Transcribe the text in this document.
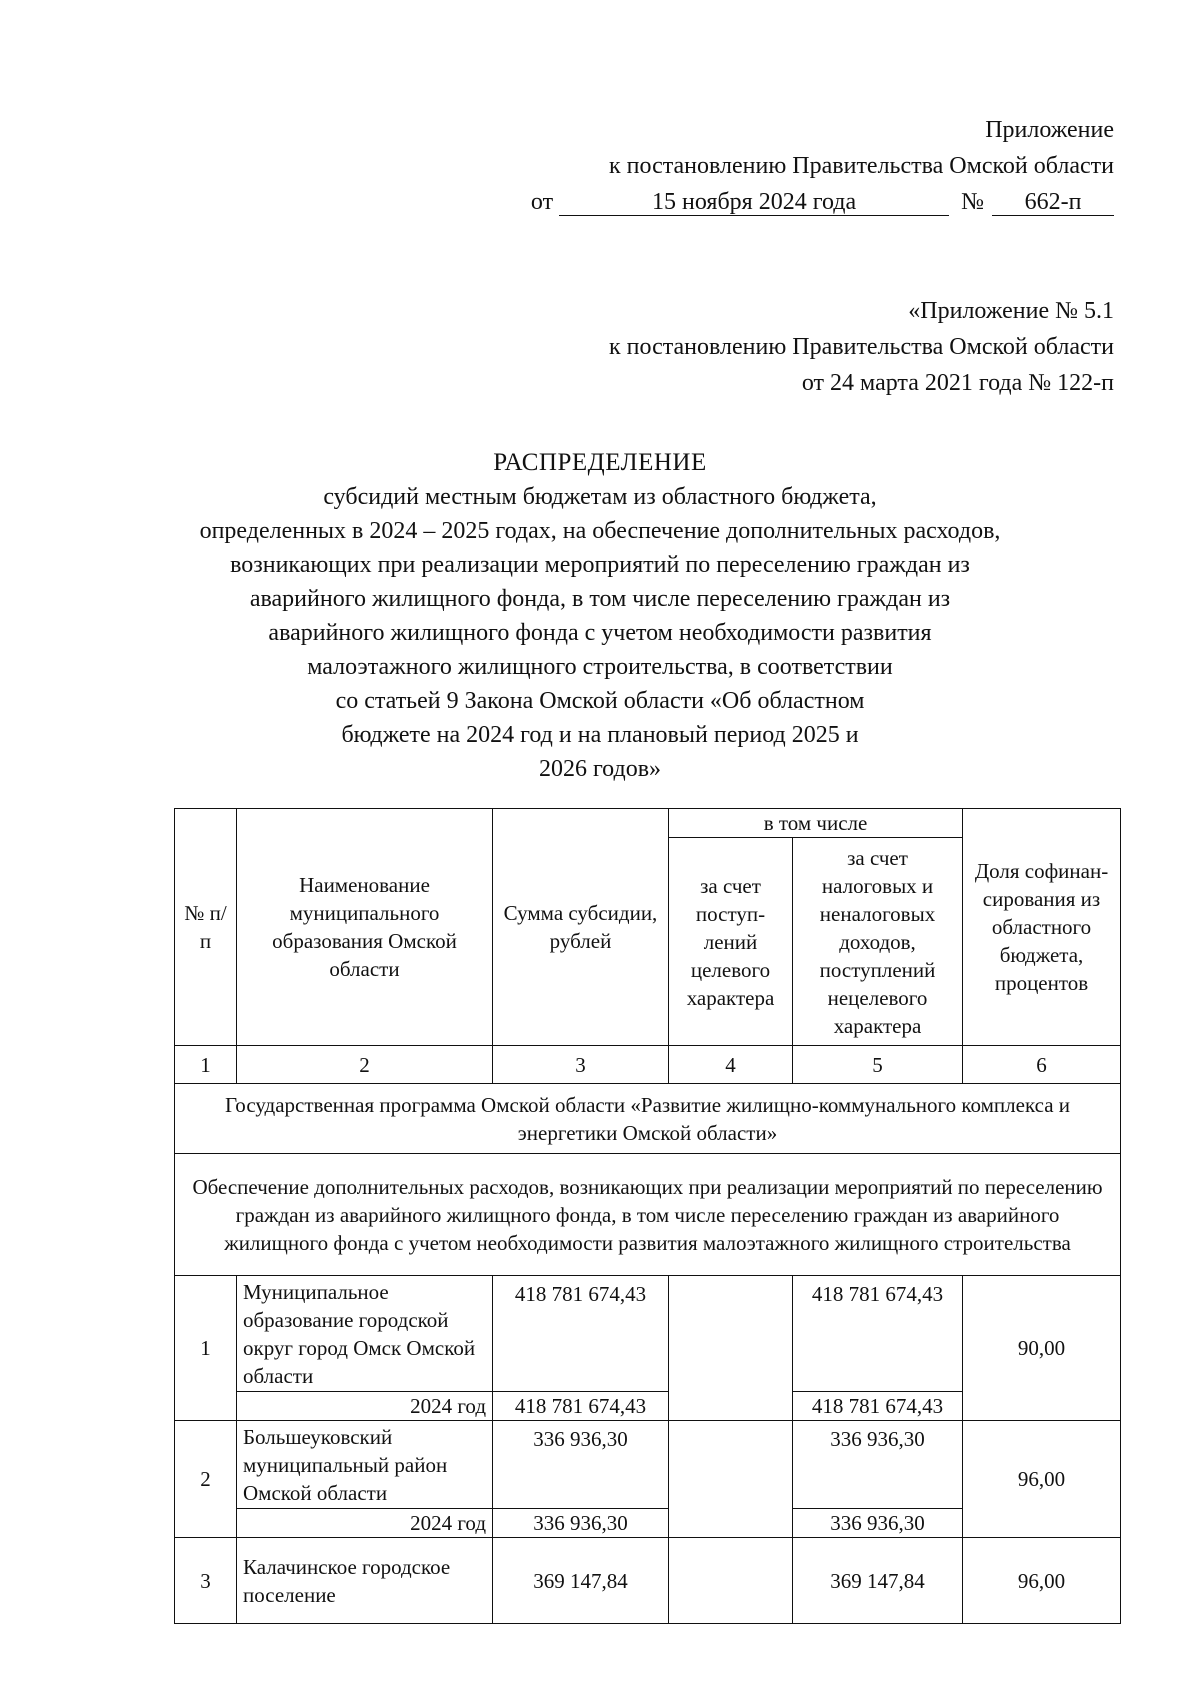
Приложение
к постановлению Правительства Омской области
от	15 ноября 2024 года	№ 662-п
«Приложение № 5.1
к постановлению Правительства Омской области
от 24 марта 2021 года № 122-п
РАСПРЕДЕЛЕНИЕ
субсидий местным бюджетам из областного бюджета,
определенных в 2024 – 2025 годах, на обеспечение дополнительных расходов,
возникающих при реализации мероприятий по переселению граждан из
аварийного жилищного фонда, в том числе переселению граждан из
аварийного жилищного фонда с учетом необходимости развития
малоэтажного жилищного строительства, в соответствии
со статьей 9 Закона Омской области «Об областном
бюджете на 2024 год и на плановый период 2025 и
2026 годов»
№ п/п	Наименование муниципального образования Омской области	Сумма субсидии, рублей	в том числе		Доля софинан-сирования из областного бюджета, процентов
			за счет поступ-лений целевого характера	за счет налоговых и неналоговых доходов, поступлений нецелевого характера	
1	2	3	4	5	6
Государственная программа Омской области «Развитие жилищно-коммунального комплекса и энергетики Омской области»					
Обеспечение дополнительных расходов, возникающих при реализации мероприятий по переселению граждан из аварийного жилищного фонда, в том числе переселению граждан из аварийного жилищного фонда с учетом необходимости развития малоэтажного жилищного строительства					
1	Муниципальное образование городской округ город Омск Омской области	418 781 674,43		418 781 674,43	90,00
	2024 год	418 781 674,43		418 781 674,43	
2	Большеуковский муниципальный район Омской области	336 936,30		336 936,30	96,00
	2024 год	336 936,30		336 936,30	
3	Калачинское городское поселение	369 147,84		369 147,84	96,00
